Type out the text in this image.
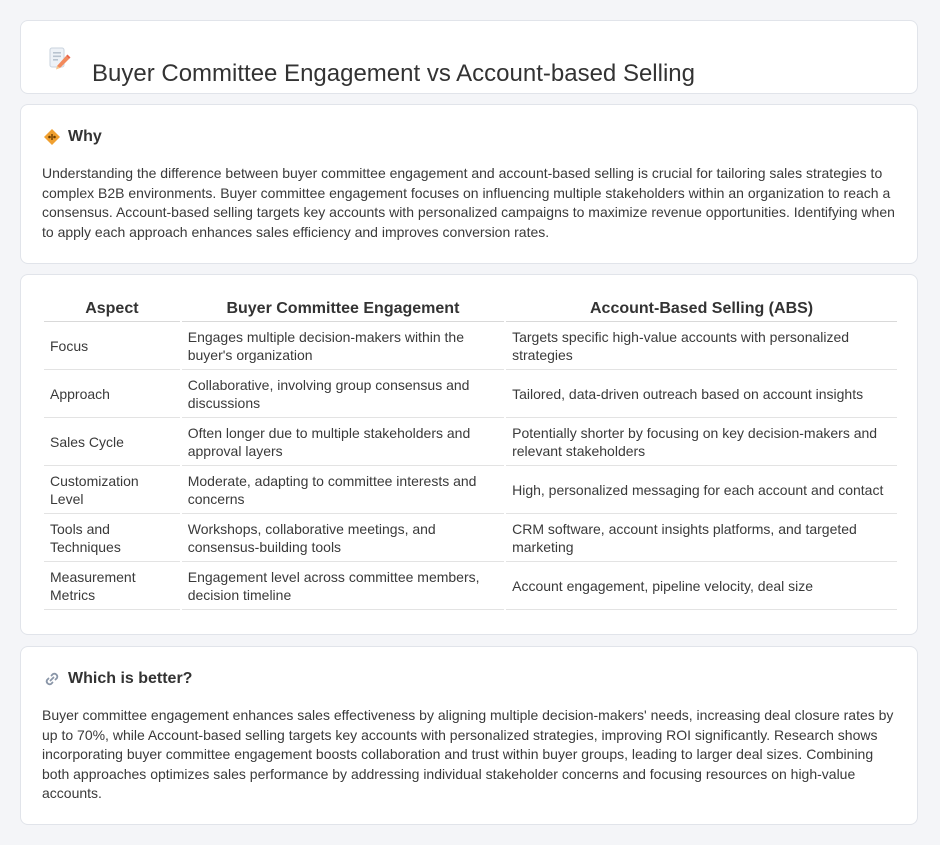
Buyer Committee Engagement vs Account-based Selling
Why

Understanding the difference between buyer committee engagement and account-based selling is crucial for tailoring sales strategies to complex B2B environments. Buyer committee engagement focuses on influencing multiple stakeholders within an organization to reach a consensus. Account-based selling targets key accounts with personalized campaigns to maximize revenue opportunities. Identifying when to apply each approach enhances sales efficiency and improves conversion rates.

Aspect	Buyer Committee Engagement	Account-Based Selling (ABS)
Focus	Engages multiple decision-makers within the buyer's organization	Targets specific high-value accounts with personalized strategies
Approach	Collaborative, involving group consensus and discussions	Tailored, data-driven outreach based on account insights
Sales Cycle	Often longer due to multiple stakeholders and approval layers	Potentially shorter by focusing on key decision-makers and relevant stakeholders
Customization Level	Moderate, adapting to committee interests and concerns	High, personalized messaging for each account and contact
Tools and Techniques	Workshops, collaborative meetings, and consensus-building tools	CRM software, account insights platforms, and targeted marketing
Measurement Metrics	Engagement level across committee members, decision timeline	Account engagement, pipeline velocity, deal size
Which is better?

Buyer committee engagement enhances sales effectiveness by aligning multiple decision-makers' needs, increasing deal closure rates by up to 70%, while Account-based selling targets key accounts with personalized strategies, improving ROI significantly. Research shows incorporating buyer committee engagement boosts collaboration and trust within buyer groups, leading to larger deal sizes. Combining both approaches optimizes sales performance by addressing individual stakeholder concerns and focusing resources on high-value accounts.
